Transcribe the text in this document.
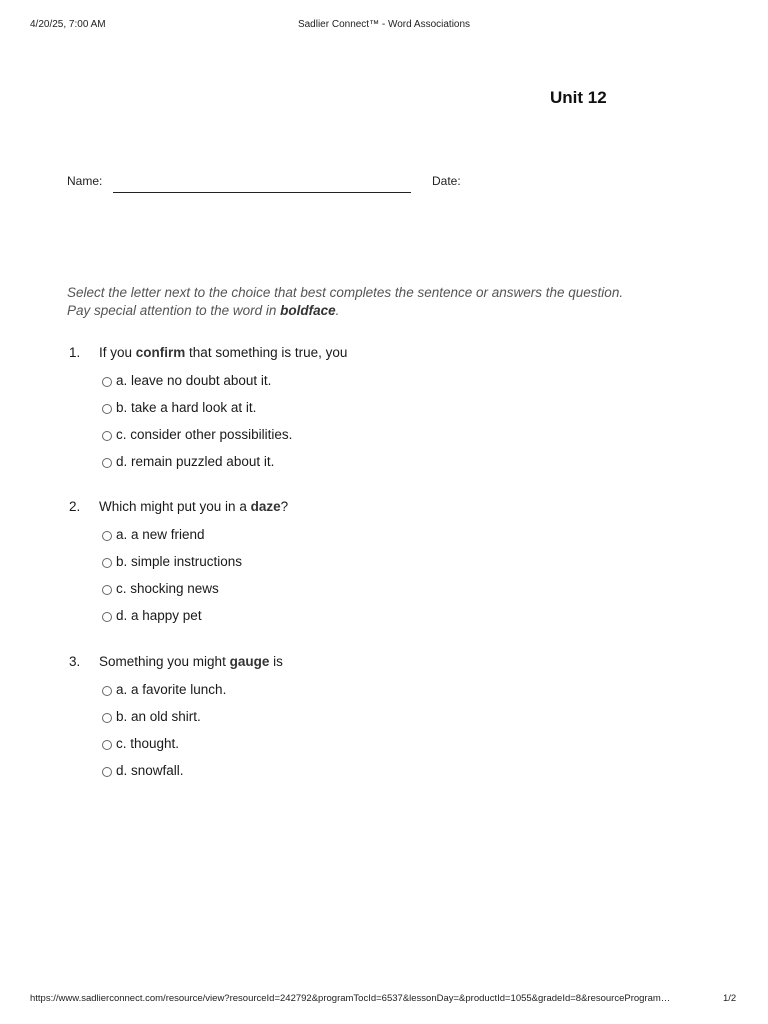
4/20/25, 7:00 AM	Sadlier Connect™ - Word Associations
Unit 12
Name:	Date:
Select the letter next to the choice that best completes the sentence or answers the question.
Pay special attention to the word in boldface.
1. If you confirm that something is true, you
a. leave no doubt about it.
b. take a hard look at it.
c. consider other possibilities.
d. remain puzzled about it.
2. Which might put you in a daze?
a. a new friend
b. simple instructions
c. shocking news
d. a happy pet
3. Something you might gauge is
a. a favorite lunch.
b. an old shirt.
c. thought.
d. snowfall.
https://www.sadlierconnect.com/resource/view?resourceId=242792&programTocId=6537&lessonDay=&productId=1055&gradeId=8&resourceProgram…	1/2
